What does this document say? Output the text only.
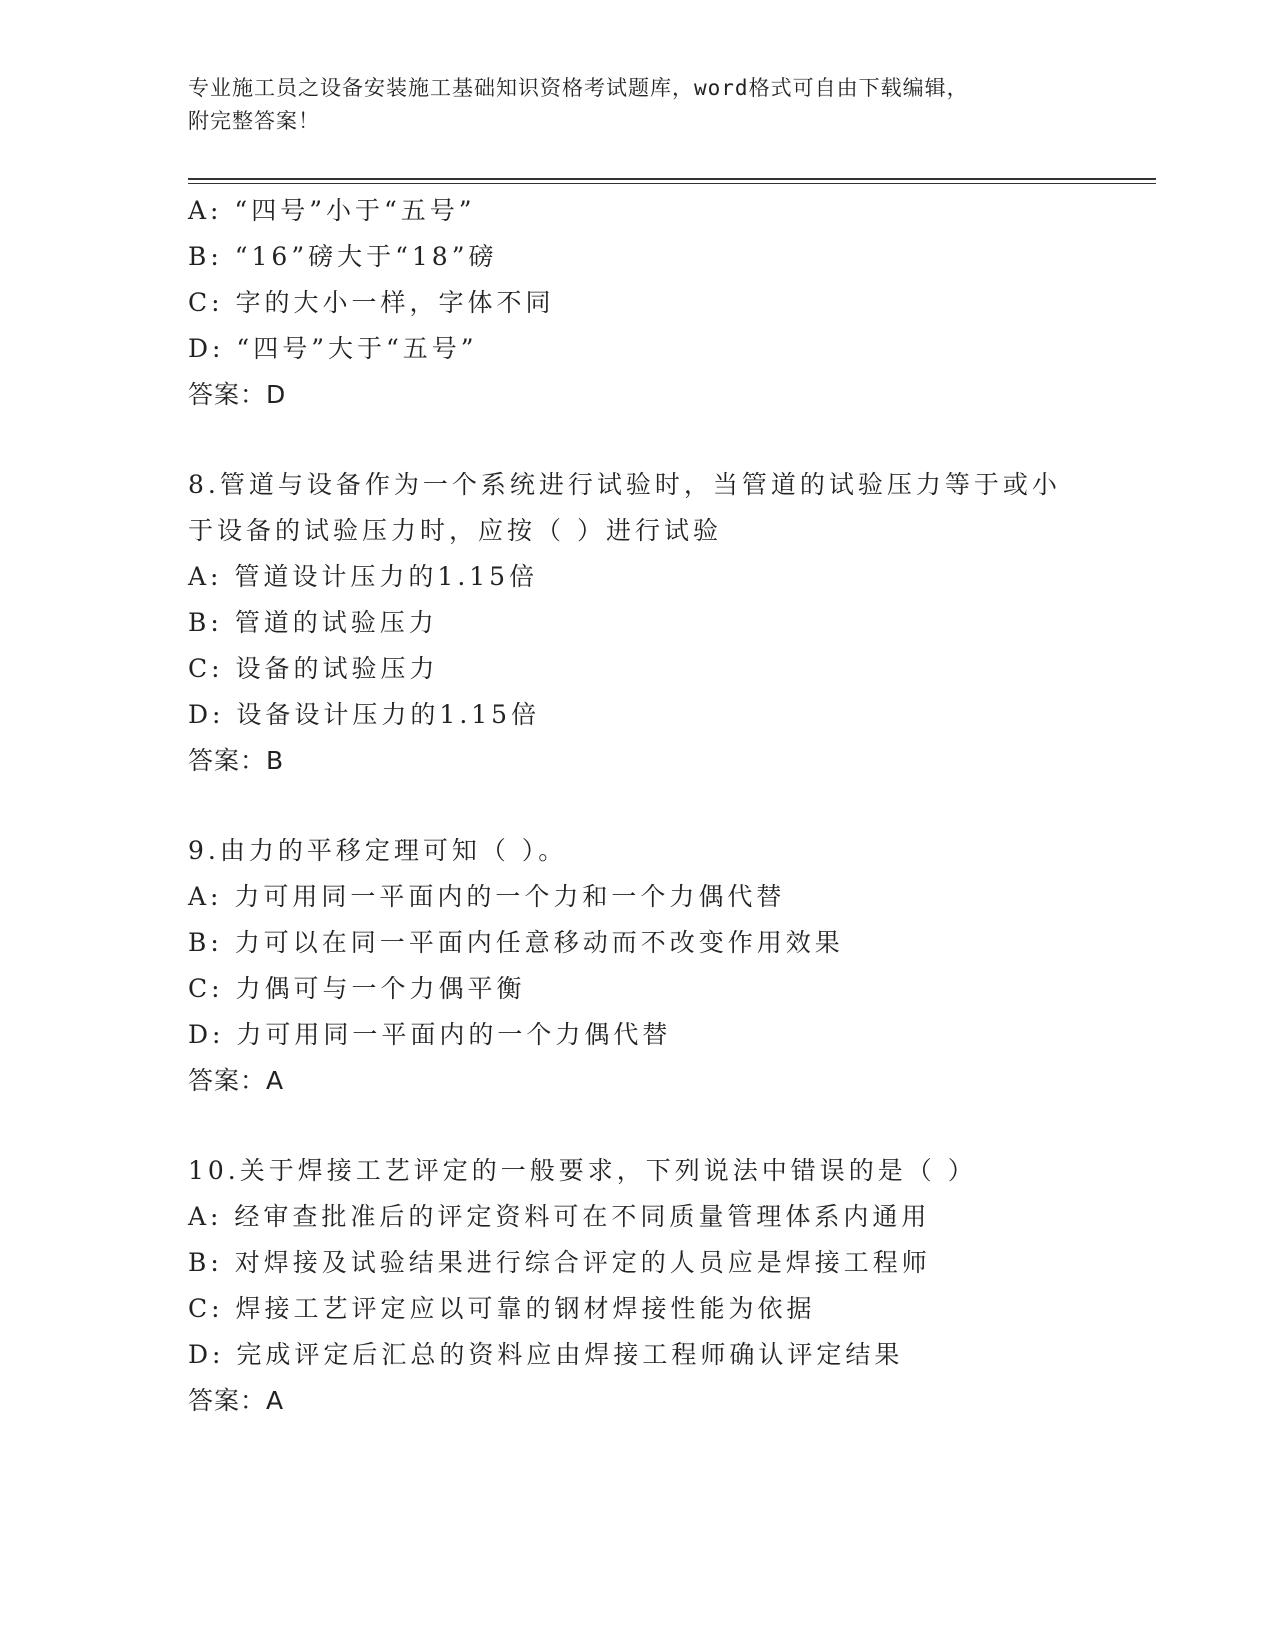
专业施工员之设备安装施工基础知识资格考试题库，word格式可自由下载编辑，
附完整答案！
A: “四号”小于“五号”
B: “16”磅大于“18”磅
C: 字的大小一样，字体不同
D: “四号”大于“五号”
答案：D
8.管道与设备作为一个系统进行试验时，当管道的试验压力等于或小
于设备的试验压力时，应按（ ）进行试验
A: 管道设计压力的1.15倍
B: 管道的试验压力
C: 设备的试验压力
D: 设备设计压力的1.15倍
答案：B
9.由力的平移定理可知（ ）。
A: 力可用同一平面内的一个力和一个力偶代替
B: 力可以在同一平面内任意移动而不改变作用效果
C: 力偶可与一个力偶平衡
D: 力可用同一平面内的一个力偶代替
答案：A
10.关于焊接工艺评定的一般要求，下列说法中错误的是（ ）
A: 经审查批准后的评定资料可在不同质量管理体系内通用
B: 对焊接及试验结果进行综合评定的人员应是焊接工程师
C: 焊接工艺评定应以可靠的钢材焊接性能为依据
D: 完成评定后汇总的资料应由焊接工程师确认评定结果
答案：A
